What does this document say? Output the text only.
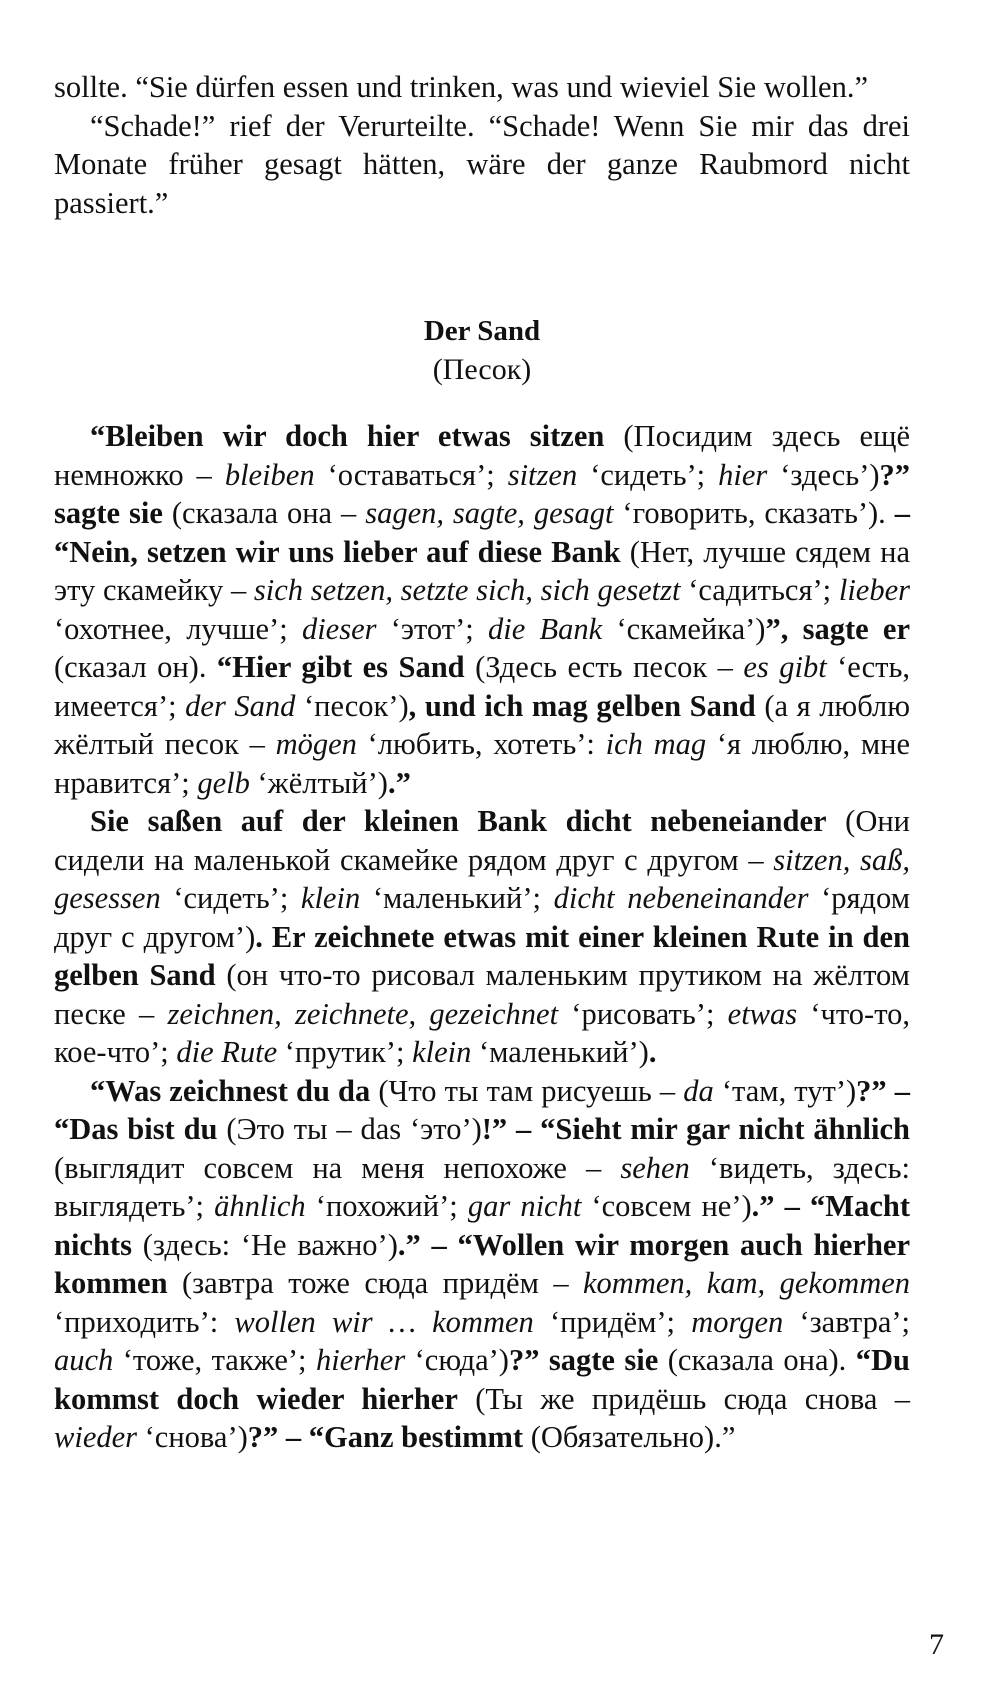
sollte. “Sie dürfen essen und trinken, was und wieviel Sie wollen.”

“Schade!” rief der Verurteilte. “Schade! Wenn Sie mir das drei Monate früher gesagt hätten, wäre der ganze Raubmord nicht passiert.”

Der Sand
(Песок)

“Bleiben wir doch hier etwas sitzen (Посидим здесь ещё немножко – bleiben ‘оставаться’; sitzen ‘сидеть’; hier ‘здесь’)?” sagte sie (сказала она – sagen, sagte, gesagt ‘говорить, сказать’). – “Nein, setzen wir uns lieber auf diese Bank (Нет, лучше сядем на эту скамейку – sich setzen, setzte sich, sich gesetzt ‘садиться’; lieber ‘охотнее, лучше’; dieser ‘этот’; die Bank ‘скамейка’)”, sagte er (сказал он). “Hier gibt es Sand (Здесь есть песок – es gibt ‘есть, имеется’; der Sand ‘песок’), und ich mag gelben Sand (а я люблю жёлтый песок – mögen ‘любить, хотеть’: ich mag ‘я люблю, мне нравится’; gelb ‘жёлтый’).”

Sie saßen auf der kleinen Bank dicht nebeneiander (Они сидели на маленькой скамейке рядом друг с другом – sitzen, saß, gesessen ‘сидеть’; klein ‘маленький’; dicht nebeneinander ‘рядом друг с другом’). Er zeichnete etwas mit einer kleinen Rute in den gelben Sand (он что-то рисовал маленьким прутиком на жёлтом песке – zeichnen, zeichnete, gezeichnet ‘рисовать’; etwas ‘что-то, кое-что’; die Rute ‘прутик’; klein ‘маленький’).

“Was zeichnest du da (Что ты там рисуешь – da ‘там, тут’)?” – “Das bist du (Это ты – das ‘это’)!” – “Sieht mir gar nicht ähnlich (выглядит совсем на меня непохоже – sehen ‘видеть, здесь: выглядеть’; ähnlich ‘похожий’; gar nicht ‘совсем не’).” – “Macht nichts (здесь: ‘Не важно’).” – “Wollen wir morgen auch hierher kommen (завтра тоже сюда придём – kommen, kam, gekommen ‘приходить’: wollen wir … kommen ‘придём’; morgen ‘завтра’; auch ‘тоже, также’; hierher ‘сюда’)?” sagte sie (сказала она). “Du kommst doch wieder hierher (Ты же придёшь сюда снова – wieder ‘снова’)?” – “Ganz bestimmt (Обязательно).”

7
